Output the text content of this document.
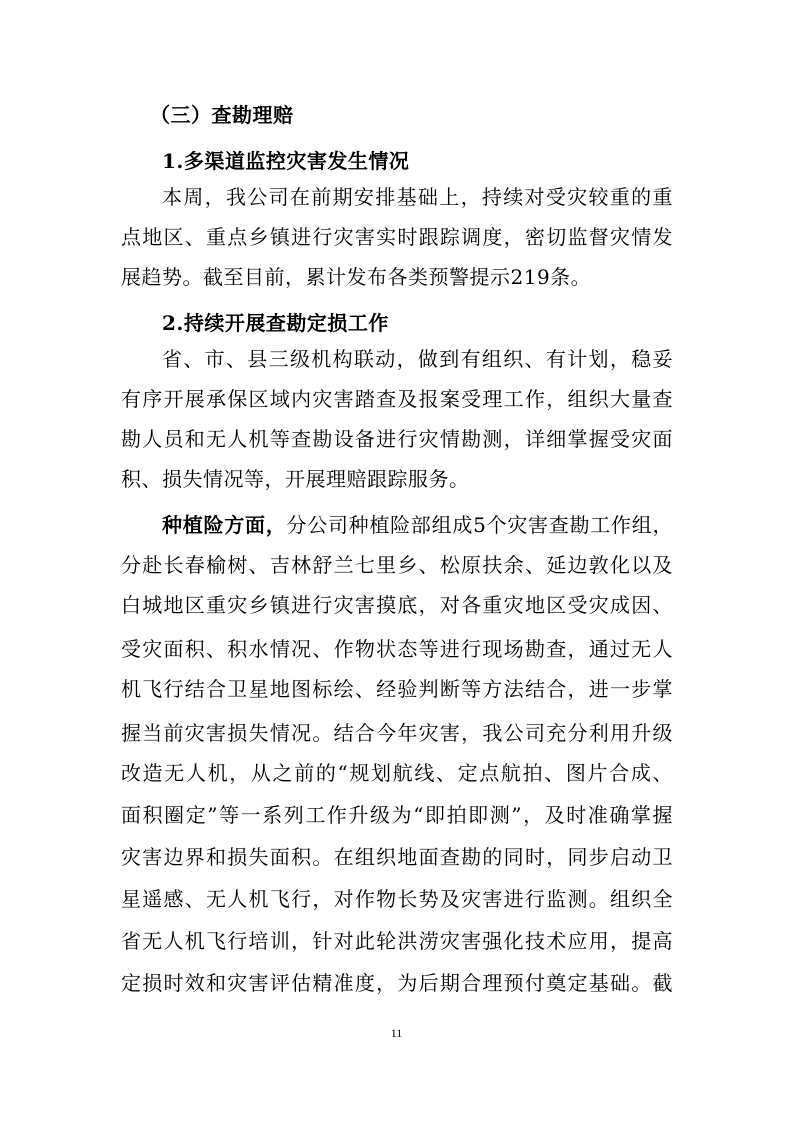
（三）查勘理赔
1.多渠道监控灾害发生情况
本周，我公司在前期安排基础上，持续对受灾较重的重
点地区、重点乡镇进行灾害实时跟踪调度，密切监督灾情发
展趋势。截至目前，累计发布各类预警提示219条。
2.持续开展查勘定损工作
省、市、县三级机构联动，做到有组织、有计划，稳妥
有序开展承保区域内灾害踏查及报案受理工作，组织大量查
勘人员和无人机等查勘设备进行灾情勘测，详细掌握受灾面
积、损失情况等，开展理赔跟踪服务。
种植险方面，分公司种植险部组成5个灾害查勘工作组，
分赴长春榆树、吉林舒兰七里乡、松原扶余、延边敦化以及
白城地区重灾乡镇进行灾害摸底，对各重灾地区受灾成因、
受灾面积、积水情况、作物状态等进行现场勘查，通过无人
机飞行结合卫星地图标绘、经验判断等方法结合，进一步掌
握当前灾害损失情况。结合今年灾害，我公司充分利用升级
改造无人机，从之前的“规划航线、定点航拍、图片合成、
面积圈定”等一系列工作升级为“即拍即测”，及时准确掌握
灾害边界和损失面积。在组织地面查勘的同时，同步启动卫
星遥感、无人机飞行，对作物长势及灾害进行监测。组织全
省无人机飞行培训，针对此轮洪涝灾害强化技术应用，提高
定损时效和灾害评估精准度，为后期合理预付奠定基础。截
11
